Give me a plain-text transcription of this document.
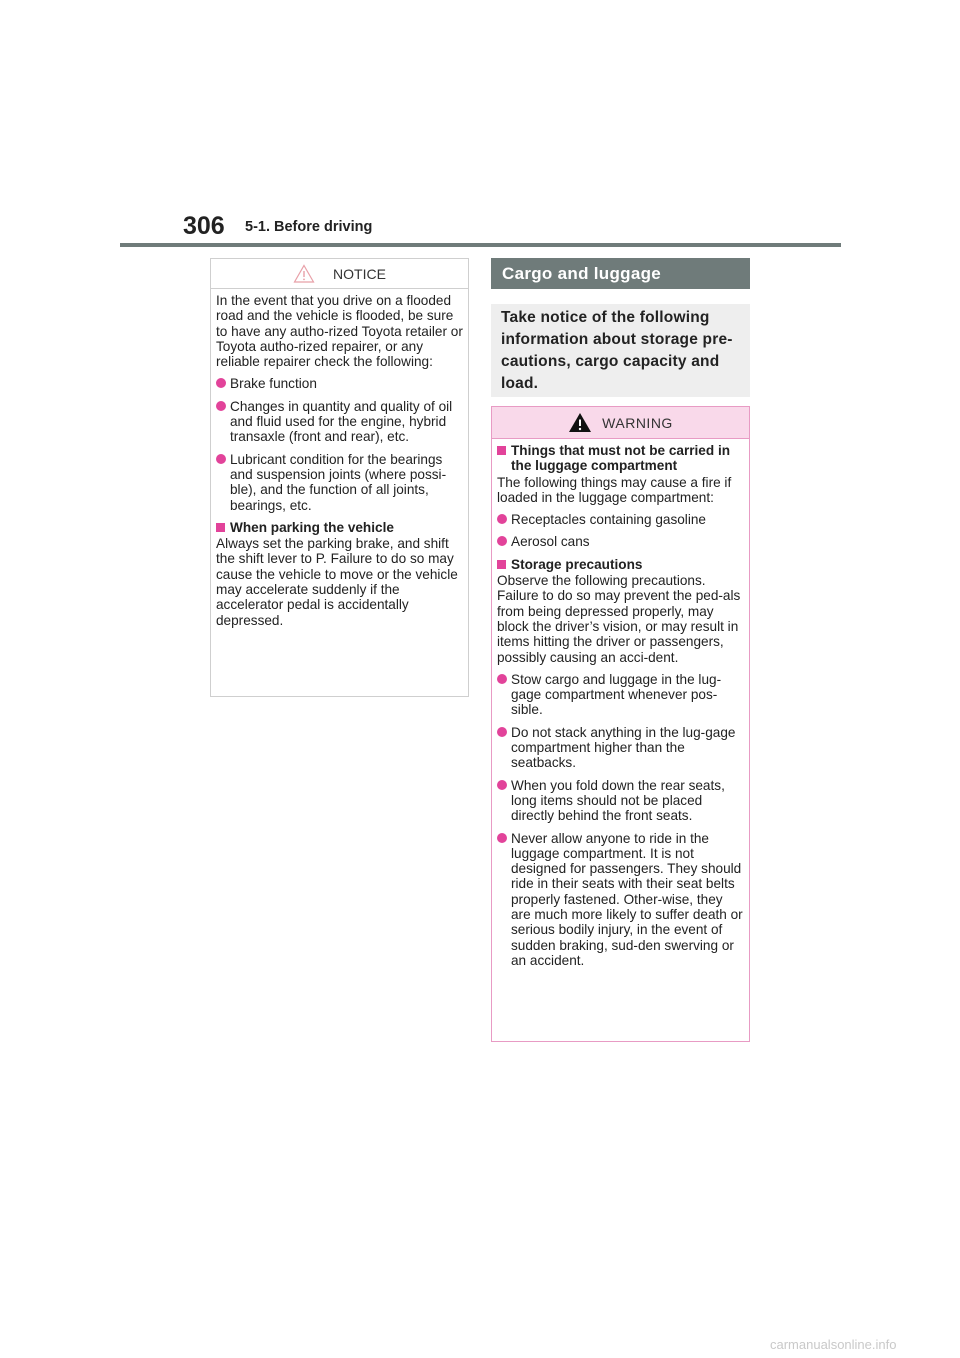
306 5-1. Before driving
NOTICE

In the event that you drive on a flooded road and the vehicle is flooded, be sure to have any autho-rized Toyota retailer or Toyota autho-rized repairer, or any reliable repairer check the following:

Brake function
Changes in quantity and quality of oil and fluid used for the engine, hybrid transaxle (front and rear), etc.
Lubricant condition for the bearings and suspension joints (where possi-ble), and the function of all joints, bearings, etc.
When parking the vehicle

Always set the parking brake, and shift the shift lever to P. Failure to do so may cause the vehicle to move or the vehicle may accelerate suddenly if the accelerator pedal is accidentally depressed.

Cargo and luggage
Take notice of the following information about storage pre-cautions, cargo capacity and load.
WARNING
Things that must not be carried in the luggage compartment

The following things may cause a fire if loaded in the luggage compartment:

Receptacles containing gasoline
Aerosol cans
Storage precautions

Observe the following precautions. Failure to do so may prevent the ped-als from being depressed properly, may block the driver’s vision, or may result in items hitting the driver or passengers, possibly causing an acci-dent.

Stow cargo and luggage in the lug-gage compartment whenever pos-sible.
Do not stack anything in the lug-gage compartment higher than the seatbacks.
When you fold down the rear seats, long items should not be placed directly behind the front seats.
Never allow anyone to ride in the luggage compartment. It is not designed for passengers. They should ride in their seats with their seat belts properly fastened. Other-wise, they are much more likely to suffer death or serious bodily injury, in the event of sudden braking, sud-den swerving or an accident.
carmanualsonline.info
